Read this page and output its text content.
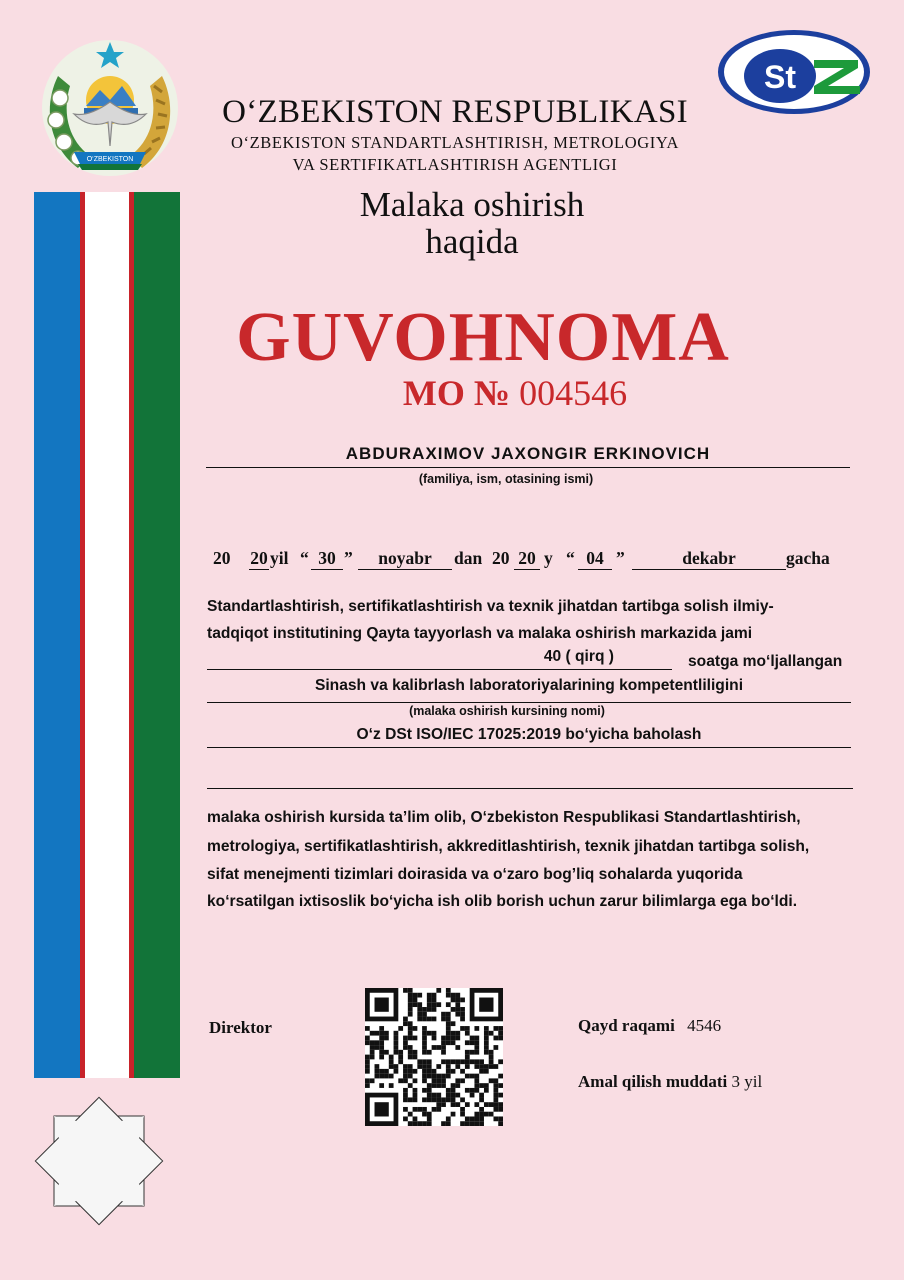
O‘ZBEKISTON
St
O‘ZBEKISTON RESPUBLIKASI
O‘ZBEKISTON STANDARTLASHTIRISH, METROLOGIYA
VA SERTIFIKATLASHTIRISH AGENTLIGI
Malaka oshirish
haqida
GUVOHNOMA
МО № 004546
ABDURAXIMOV JAXONGIR ERKINOVICH
(familiya, ism, otasining ismi)
20 20 yil “ 30 ”	noyabr	dan 20 20 y “ 04 ”	dekabr	gacha
Standartlashtirish, sertifikatlashtirish va texnik jihatdan tartibga solish ilmiy-
tadqiqot institutining Qayta tayyorlash va malaka oshirish markazida jami
40 ( qirq )	soatga mo‘ljallangan
Sinash va kalibrlash laboratoriyalarining kompetentliligini
(malaka oshirish kursining nomi)
O‘z DSt ISO/IEC 17025:2019 bo‘yicha baholash
malaka oshirish kursida ta’lim olib, O‘zbekiston Respublikasi Standartlashtirish,
metrologiya, sertifikatlashtirish, akkreditlashtirish, texnik jihatdan tartibga solish,
sifat menejmenti tizimlari doirasida va o‘zaro bog’liq sohalarda yuqorida
ko‘rsatilgan ixtisoslik bo‘yicha ish olib borish uchun zarur bilimlarga ega bo‘ldi.
Direktor	Qayd raqami 4546
Amal qilish muddati 3 yil
